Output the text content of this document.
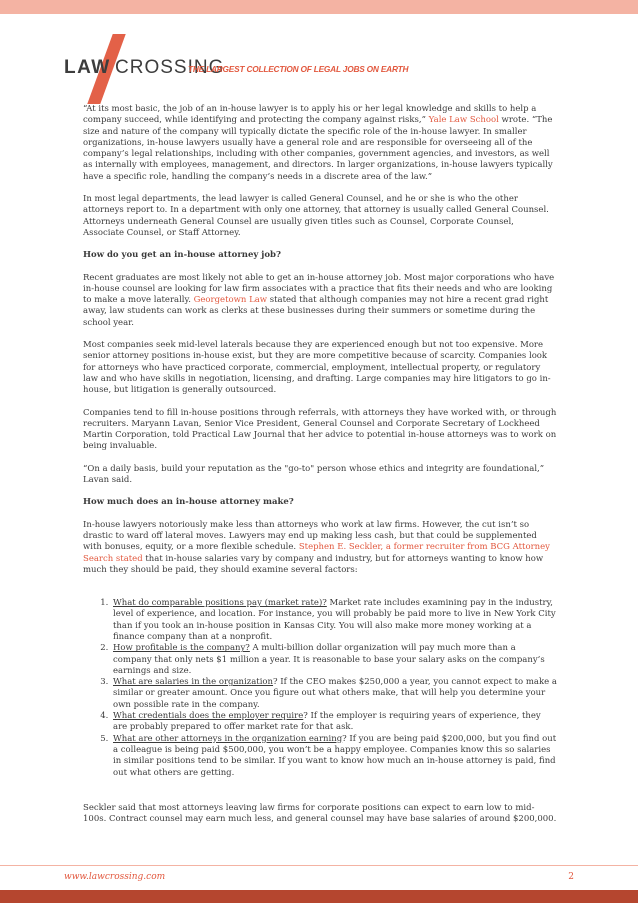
LAW CROSSING
THE LARGEST COLLECTION OF LEGAL JOBS ON EARTH

“At its most basic, the job of an in-house lawyer is to apply his or her legal knowledge and skills to help a company succeed, while identifying and protecting the company against risks,” Yale Law School wrote. “The size and nature of the company will typically dictate the specific role of the in-house lawyer. In smaller organizations, in-house lawyers usually have a general role and are responsible for overseeing all of the company’s legal relationships, including with other companies, government agencies, and investors, as well as internally with employees, management, and directors. In larger organizations, in-house lawyers typically have a specific role, handling the company’s needs in a discrete area of the law.”

In most legal departments, the lead lawyer is called General Counsel, and he or she is who the other attorneys report to. In a department with only one attorney, that attorney is usually called General Counsel. Attorneys underneath General Counsel are usually given titles such as Counsel, Corporate Counsel, Associate Counsel, or Staff Attorney.

How do you get an in-house attorney job?

Recent graduates are most likely not able to get an in-house attorney job. Most major corporations who have in-house counsel are looking for law firm associates with a practice that fits their needs and who are looking to make a move laterally. Georgetown Law stated that although companies may not hire a recent grad right away, law students can work as clerks at these businesses during their summers or sometime during the school year.

Most companies seek mid-level laterals because they are experienced enough but not too expensive. More senior attorney positions in-house exist, but they are more competitive because of scarcity. Companies look for attorneys who have practiced corporate, commercial, employment, intellectual property, or regulatory law and who have skills in negotiation, licensing, and drafting. Large companies may hire litigators to go in-house, but litigation is generally outsourced.

Companies tend to fill in-house positions through referrals, with attorneys they have worked with, or through recruiters. Maryann Lavan, Senior Vice President, General Counsel and Corporate Secretary of Lockheed Martin Corporation, told Practical Law Journal that her advice to potential in-house attorneys was to work on being invaluable.

“On a daily basis, build your reputation as the "go-to" person whose ethics and integrity are foundational,” Lavan said.

How much does an in-house attorney make?

In-house lawyers notoriously make less than attorneys who work at law firms. However, the cut isn’t so drastic to ward off lateral moves. Lawyers may end up making less cash, but that could be supplemented with bonuses, equity, or a more flexible schedule. Stephen E. Seckler, a former recruiter from BCG Attorney Search stated that in-house salaries vary by company and industry, but for attorneys wanting to know how much they should be paid, they should examine several factors:

1. What do comparable positions pay (market rate)? Market rate includes examining pay in the industry, level of experience, and location. For instance, you will probably be paid more to live in New York City than if you took an in-house position in Kansas City. You will also make more money working at a finance company than at a nonprofit.
2. How profitable is the company? A multi-billion dollar organization will pay much more than a company that only nets $1 million a year. It is reasonable to base your salary asks on the company’s earnings and size.
3. What are salaries in the organization? If the CEO makes $250,000 a year, you cannot expect to make a similar or greater amount. Once you figure out what others make, that will help you determine your own possible rate in the company.
4. What credentials does the employer require? If the employer is requiring years of experience, they are probably prepared to offer market rate for that ask.
5. What are other attorneys in the organization earning? If you are being paid $200,000, but you find out a colleague is being paid $500,000, you won’t be a happy employee. Companies know this so salaries in similar positions tend to be similar. If you want to know how much an in-house attorney is paid, find out what others are getting.

Seckler said that most attorneys leaving law firms for corporate positions can expect to earn low to mid-100s. Contract counsel may earn much less, and general counsel may have base salaries of around $200,000.

www.lawcrossing.com	2
